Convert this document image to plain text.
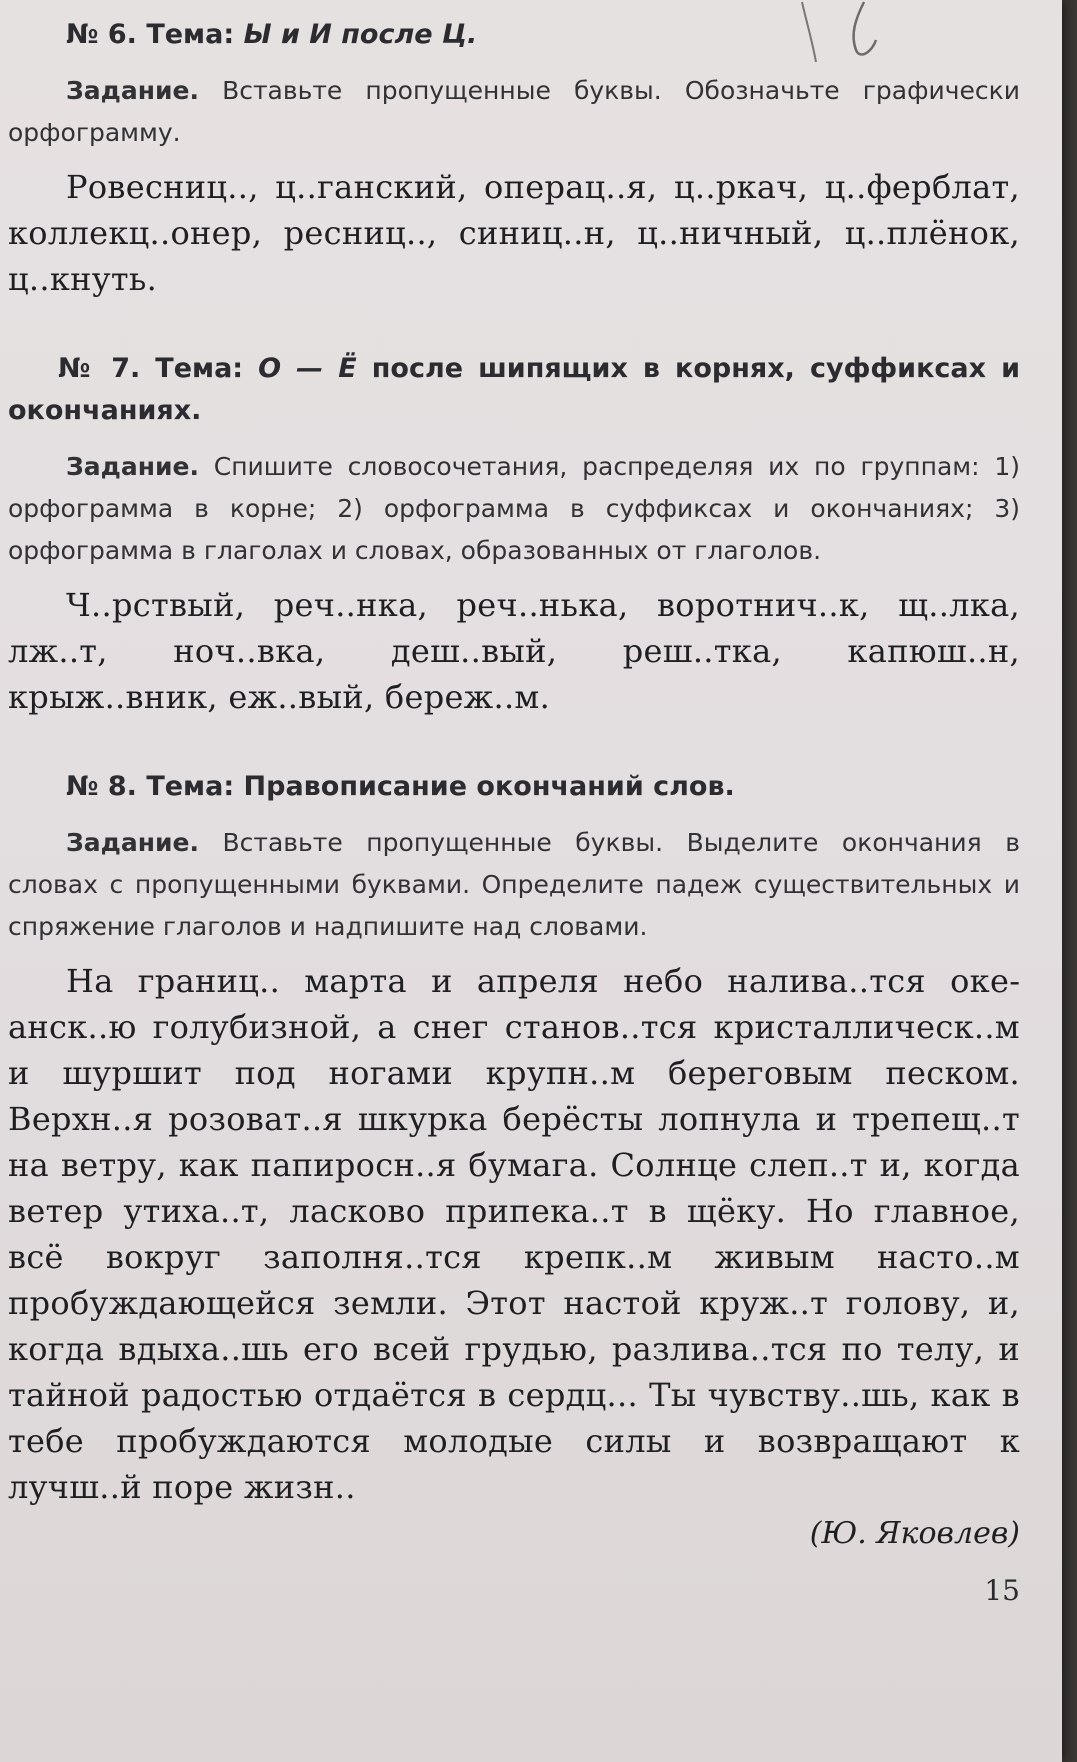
№ 6. Тема: Ы и И после Ц.

Задание. Вставьте пропущенные буквы. Обозначьте графически орфограмму.

Ровесниц.., ц..ганский, операц..я, ц..ркач, ц..ферблат, коллекц..онер, ресниц.., синиц..н, ц..ничный, ц..плёнок, ц..кнуть.

№ 7. Тема: О — Ё после шипящих в корнях, суффиксах и окончаниях.

Задание. Спишите словосочетания, распределяя их по группам: 1) орфограмма в корне; 2) орфограмма в суффиксах и окончаниях; 3) орфограмма в глаголах и словах, образованных от глаголов.

Ч..рствый, реч..нка, реч..нька, воротнич..к, щ..лка, лж..т, ноч..вка, деш..вый, реш..тка, капюш..н, крыж..вник, еж..вый, береж..м.

№ 8. Тема: Правописание окончаний слов.

Задание. Вставьте пропущенные буквы. Выделите окончания в словах с пропущенными буквами. Определите падеж существительных и спряжение глаголов и надпишите над словами.

На границ.. марта и апреля небо налива..тся океанск..ю голубизной, а снег станов..тся кристаллическ..м и шуршит под ногами крупн..м береговым песком. Верхн..я розоват..я шкурка берёсты лопнула и трепещ..т на ветру, как папиросн..я бумага. Солнце слеп..т и, когда ветер утиха..т, ласково припека..т в щёку. Но главное, всё вокруг заполня..тся крепк..м живым насто..м пробуждающейся земли. Этот настой круж..т голову, и, когда вдыха..шь его всей грудью, разлива..тся по телу, и тайной радостью отдаётся в сердц... Ты чувству..шь, как в тебе пробуждаются молодые силы и возвращают к лучш..й поре жизн..

(Ю. Яковлев)
15
